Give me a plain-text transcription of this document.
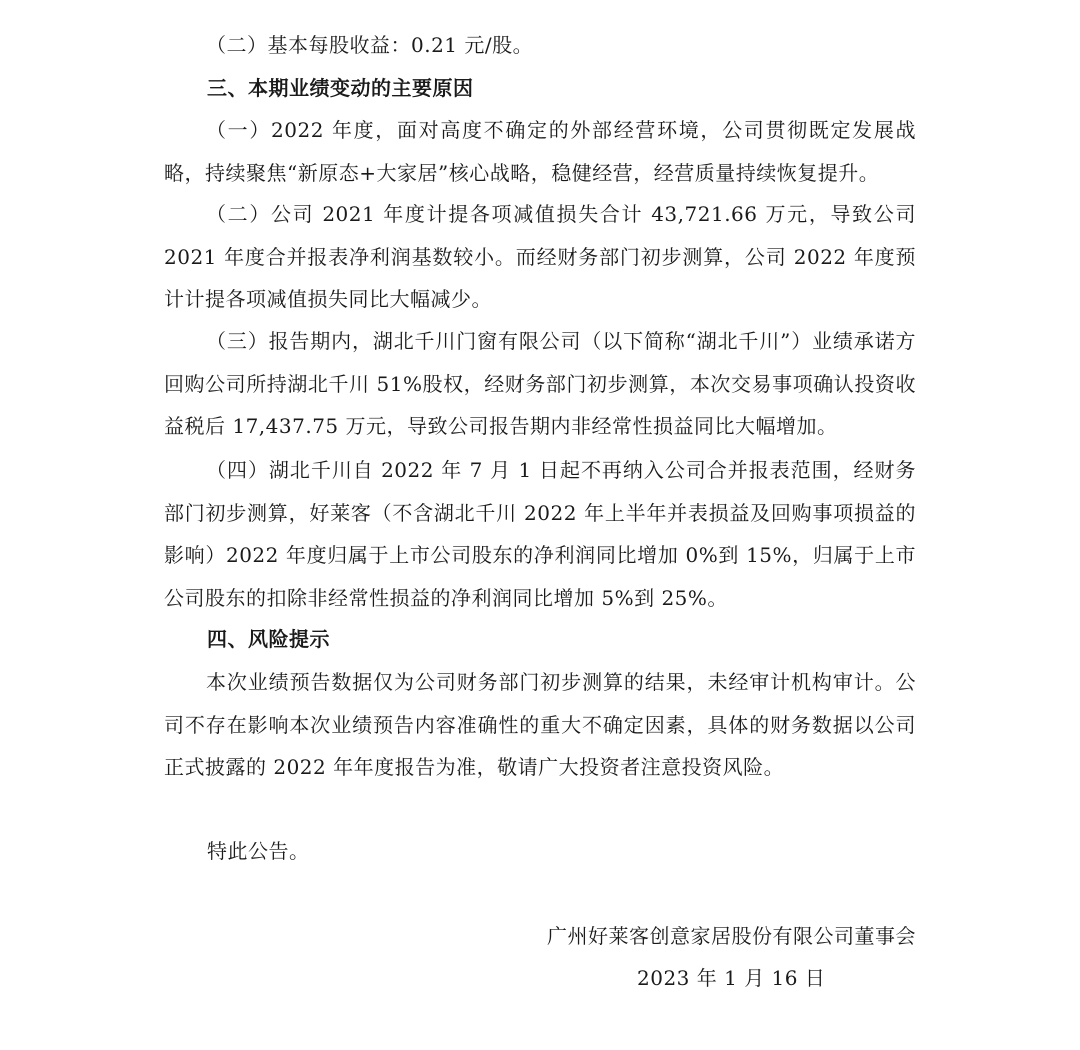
（二）基本每股收益：0.21 元/股。

三、本期业绩变动的主要原因

（一）2022 年度，面对高度不确定的外部经营环境，公司贯彻既定发展战略，持续聚焦“新原态+大家居”核心战略，稳健经营，经营质量持续恢复提升。

（二）公司 2021 年度计提各项减值损失合计 43,721.66 万元，导致公司 2021 年度合并报表净利润基数较小。而经财务部门初步测算，公司 2022 年度预计计提各项减值损失同比大幅减少。

（三）报告期内，湖北千川门窗有限公司（以下简称“湖北千川”）业绩承诺方回购公司所持湖北千川 51%股权，经财务部门初步测算，本次交易事项确认投资收益税后 17,437.75 万元，导致公司报告期内非经常性损益同比大幅增加。

（四）湖北千川自 2022 年 7 月 1 日起不再纳入公司合并报表范围，经财务部门初步测算，好莱客（不含湖北千川 2022 年上半年并表损益及回购事项损益的影响）2022 年度归属于上市公司股东的净利润同比增加 0%到 15%，归属于上市公司股东的扣除非经常性损益的净利润同比增加 5%到 25%。

四、风险提示

本次业绩预告数据仅为公司财务部门初步测算的结果，未经审计机构审计。公司不存在影响本次业绩预告内容准确性的重大不确定因素，具体的财务数据以公司正式披露的 2022 年年度报告为准，敬请广大投资者注意投资风险。

特此公告。

广州好莱客创意家居股份有限公司董事会

2023 年 1 月 16 日
